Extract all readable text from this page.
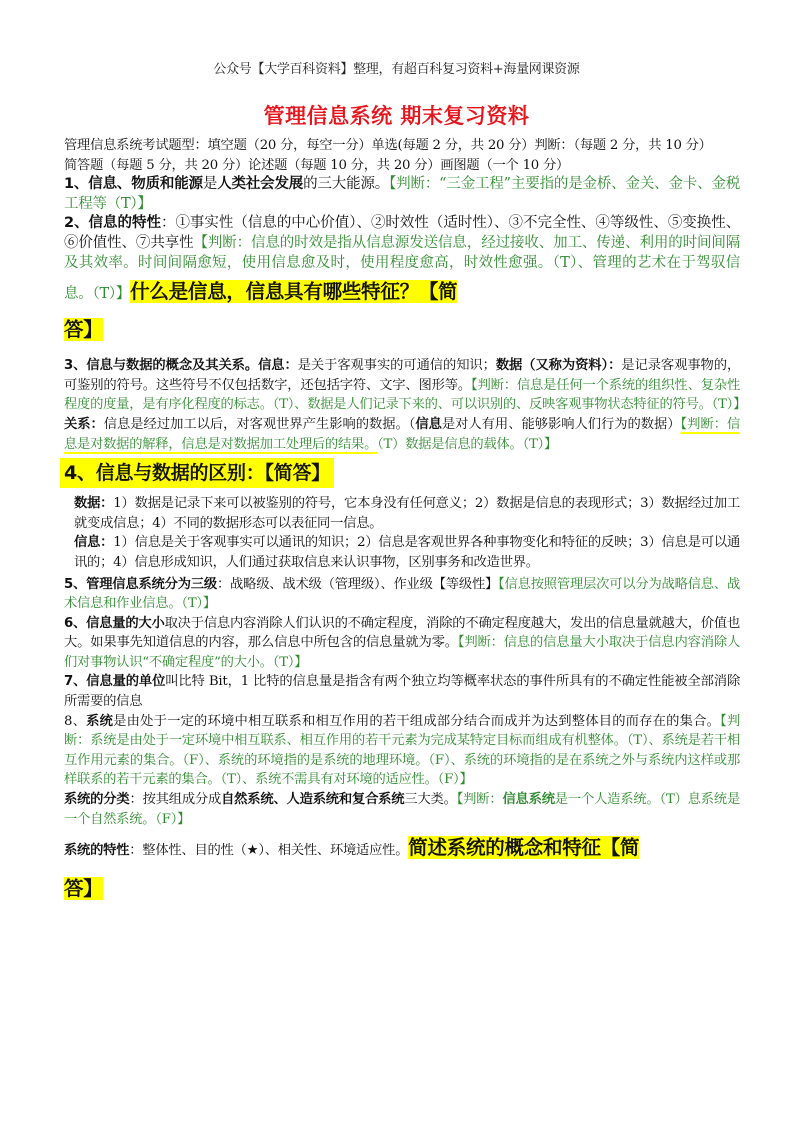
公众号【大学百科资料】整理，有超百科复习资料+海量网课资源
管理信息系统 期末复习资料

管理信息系统考试题型：填空题（20 分，每空一分）单选(每题 2 分，共 20 分）判断：（每题 2 分，共 10 分）
简答题（每题 5 分，共 20 分）论述题（每题 10 分，共 20 分）画图题（一个 10 分）

1、信息、物质和能源是人类社会发展的三大能源。【判断：“三金工程”主要指的是金桥、金关、金卡、金税工程等（T）】

2、信息的特性：①事实性（信息的中心价值）、②时效性（适时性）、③不完全性、④等级性、⑤变换性、⑥价值性、⑦共享性【判断：信息的时效是指从信息源发送信息，经过接收、加工、传递、利用的时间间隔及其效率。时间间隔愈短，使用信息愈及时，使用程度愈高，时效性愈强。（T）、管理的艺术在于驾驭信息。（T）】什么是信息，信息具有哪些特征？【简

答】

3、信息与数据的概念及其关系。信息：是关于客观事实的可通信的知识；数据（又称为资料）：是记录客观事物的，可鉴别的符号。这些符号不仅包括数字，还包括字符、文字、图形等。【判断：信息是任何一个系统的组织性、复杂性程度的度量，是有序化程度的标志。（T）、数据是人们记录下来的、可以识别的、反映客观事物状态特征的符号。（T）】关系：信息是经过加工以后，对客观世界产生影响的数据。（信息是对人有用、能够影响人们行为的数据）【判断：信息是对数据的解释，信息是对数据加工处理后的结果。（T）数据是信息的载体。（T）】

4、信息与数据的区别：【简答】

数据：1）数据是记录下来可以被鉴别的符号，它本身没有任何意义；2）数据是信息的表现形式；3）数据经过加工就变成信息；4）不同的数据形态可以表征同一信息。

信息：1）信息是关于客观事实可以通讯的知识；2）信息是客观世界各种事物变化和特征的反映；3）信息是可以通讯的；4）信息形成知识，人们通过获取信息来认识事物，区别事务和改造世界。

5、管理信息系统分为三级：战略级、战术级（管理级）、作业级【等级性】【信息按照管理层次可以分为战略信息、战术信息和作业信息。（T）】

6、信息量的大小取决于信息内容消除人们认识的不确定程度，消除的不确定程度越大，发出的信息量就越大，价值也大。如果事先知道信息的内容，那么信息中所包含的信息量就为零。【判断：信息的信息量大小取决于信息内容消除人们对事物认识“不确定程度”的大小。（T）】

7、信息量的单位叫比特 Bit，1 比特的信息量是指含有两个独立均等概率状态的事件所具有的不确定性能被全部消除所需要的信息

8、系统是由处于一定的环境中相互联系和相互作用的若干组成部分结合而成并为达到整体目的而存在的集合。【判断：系统是由处于一定环境中相互联系、相互作用的若干元素为完成某特定目标而组成有机整体。（T）、系统是若干相互作用元素的集合。（F）、系统的环境指的是系统的地理环境。（F）、系统的环境指的是在系统之外与系统内这样或那样联系的若干元素的集合。（T）、系统不需具有对环境的适应性。（F）】

系统的分类：按其组成分成自然系统、人造系统和复合系统三大类。【判断：信息系统是一个人造系统。（T）息系统是一个自然系统。（F）】

系统的特性：整体性、目的性（★）、相关性、环境适应性。简述系统的概念和特征【简

答】
